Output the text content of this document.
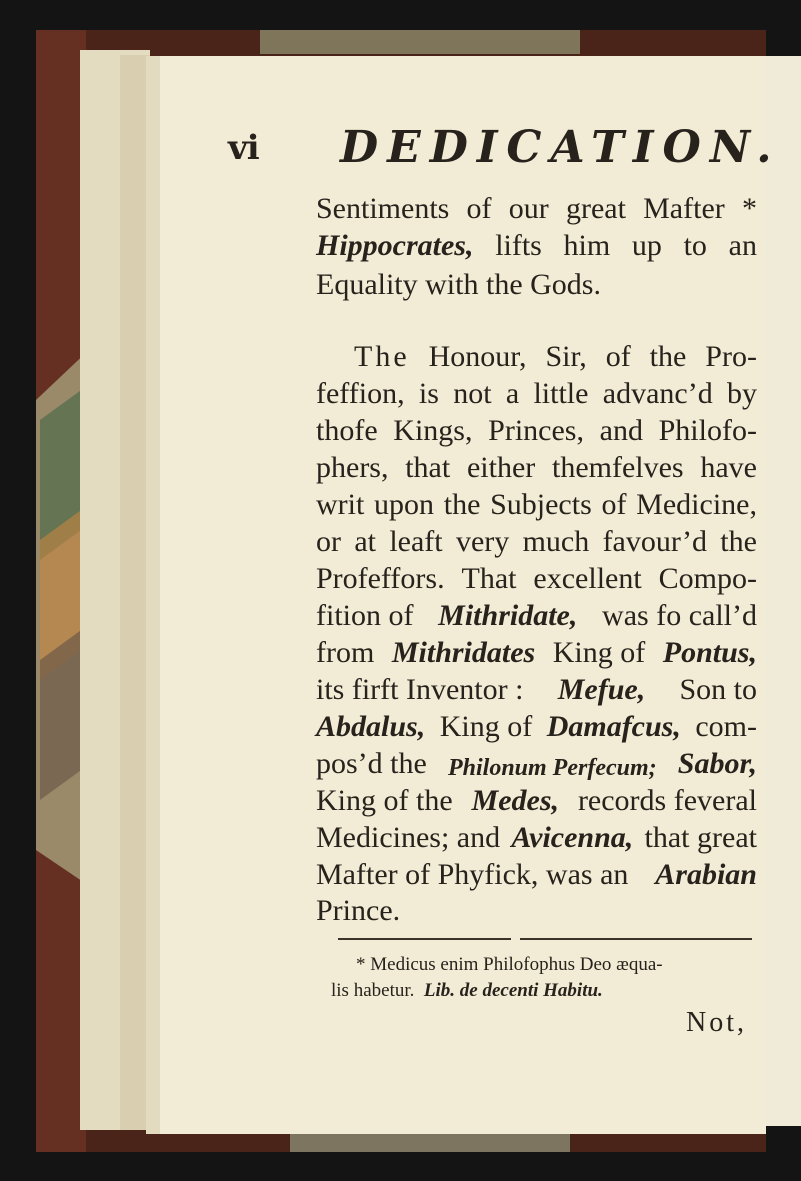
vi DEDICATION.
Sentiments of our great Mafter *
Hippocrates, lifts him up to an
Equality with the Gods.
The Honour, Sir, of the Pro-
feffion, is not a little advanc’d by
thofe Kings, Princes, and Philofo-
phers, that either themfelves have
writ upon the Subjects of Medicine,
or at leaft very much favour’d the
Profeffors. That excellent Compo-
fition of Mithridate, was fo call’d
from Mithridates King of Pontus,
its firft Inventor : Mefue, Son to
Abdalus, King of Damafcus, com-
pos’d the Philonum Perfecum; Sabor,
King of the Medes, records feveral
Medicines; and Avicenna, that great
Mafter of Phyfick, was an Arabian
Prince.
* Medicus enim Philofophus Deo æqua-
lis habetur. Lib. de decenti Habitu.
Not,
